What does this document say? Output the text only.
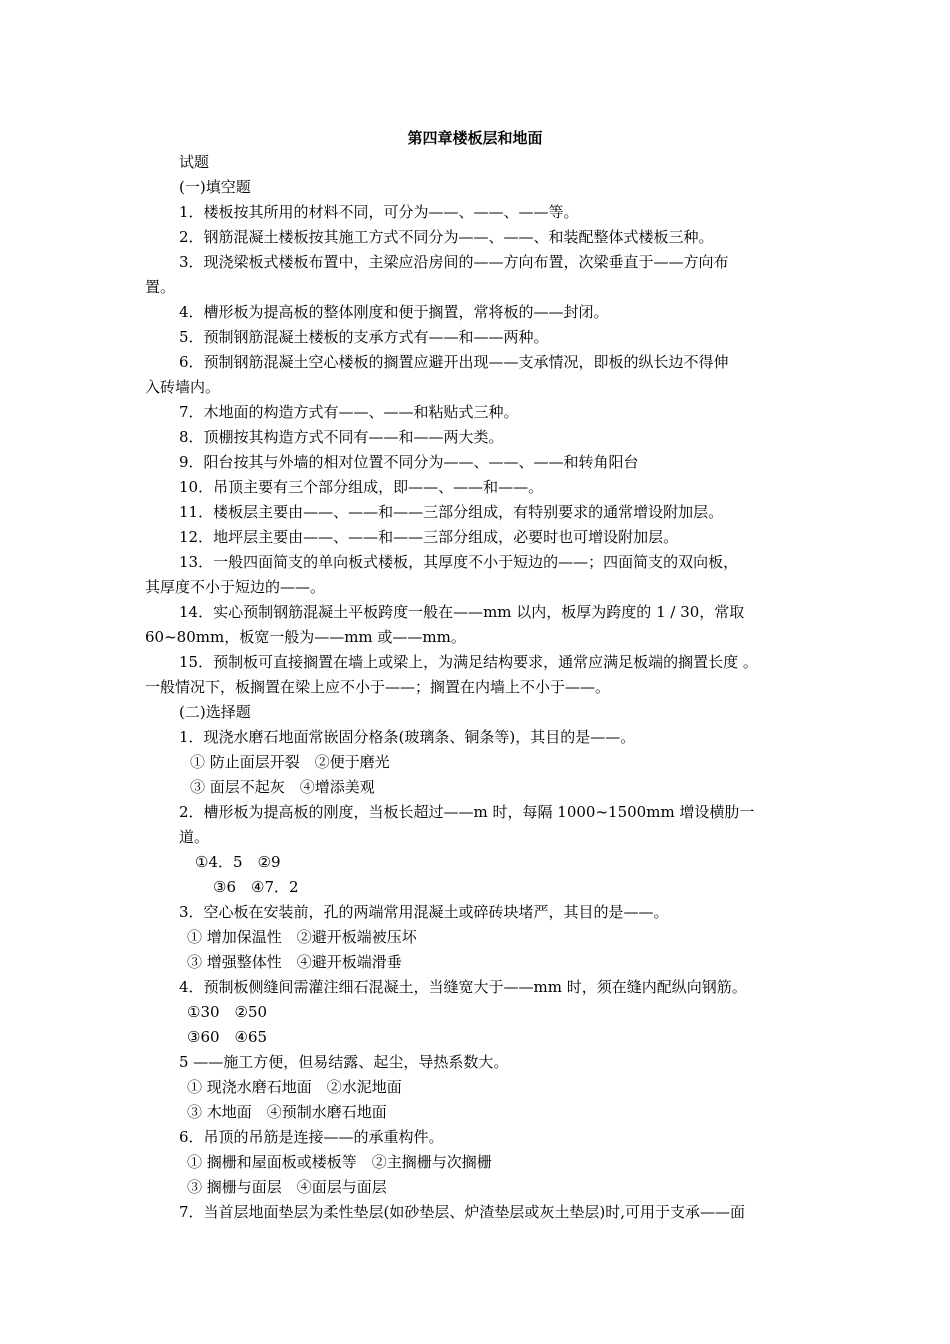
第四章楼板层和地面
试题
(一)填空题
1．楼板按其所用的材料不同，可分为——、——、——等。
2．钢筋混凝土楼板按其施工方式不同分为——、——、和装配整体式楼板三种。
3．现浇梁板式楼板布置中，主梁应沿房间的——方向布置，次梁垂直于——方向布
置。
4．槽形板为提高板的整体刚度和便于搁置，常将板的——封闭。
5．预制钢筋混凝土楼板的支承方式有——和——两种。
6．预制钢筋混凝土空心楼板的搁置应避开出现——支承情况，即板的纵长边不得伸
入砖墙内。
7．木地面的构造方式有——、——和粘贴式三种。
8．顶棚按其构造方式不同有——和——两大类。
9．阳台按其与外墙的相对位置不同分为——、——、——和转角阳台
10．吊顶主要有三个部分组成，即——、——和——。
11．楼板层主要由——、——和——三部分组成，有特别要求的通常增设附加层。
12．地坪层主要由——、——和——三部分组成，必要时也可增设附加层。
13．一般四面简支的单向板式楼板，其厚度不小于短边的——；四面简支的双向板，
其厚度不小于短边的——。
14．实心预制钢筋混凝土平板跨度一般在——mm 以内，板厚为跨度的 1 / 30，常取
60~80mm，板宽一般为——mm 或——mm。
15．预制板可直接搁置在墙上或梁上，为满足结构要求，通常应满足板端的搁置长度 。
一般情况下，板搁置在梁上应不小于——；搁置在内墙上不小于——。
(二)选择题
1．现浇水磨石地面常嵌固分格条(玻璃条、铜条等)，其目的是——。
① 防止面层开裂　②便于磨光
③ 面层不起灰　④增添美观
2．槽形板为提高板的刚度，当板长超过——m 时，每隔 1000~1500mm 增设横肋一
道。
①4．5　②9
③6　④7．2
3．空心板在安装前，孔的两端常用混凝土或碎砖块堵严，其目的是——。
① 增加保温性　②避开板端被压坏
③ 增强整体性　④避开板端滑垂
4．预制板侧缝间需灌注细石混凝土，当缝宽大于——mm 时，须在缝内配纵向钢筋。
①30　②50
③60　④65
5 ——施工方便，但易结露、起尘，导热系数大。
① 现浇水磨石地面　②水泥地面
③ 木地面　④预制水磨石地面
6．吊顶的吊筋是连接——的承重构件。
① 搁栅和屋面板或楼板等　②主搁栅与次搁栅
③ 搁栅与面层　④面层与面层
7．当首层地面垫层为柔性垫层(如砂垫层、炉渣垫层或灰土垫层)时,可用于支承——面
